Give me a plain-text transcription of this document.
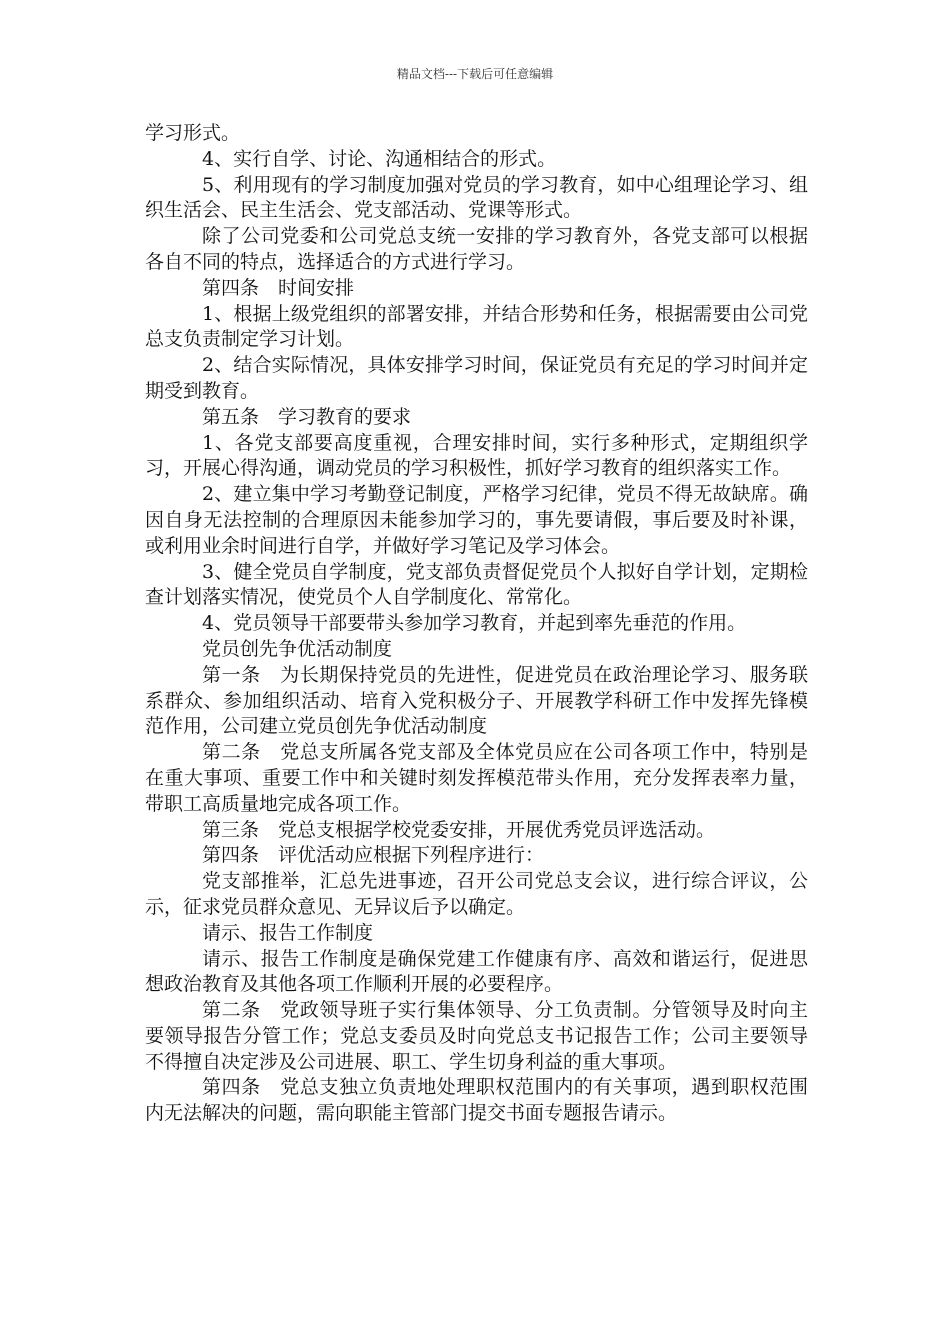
精品文档---下载后可任意编辑

学习形式。

4、实行自学、讨论、沟通相结合的形式。

5、利用现有的学习制度加强对党员的学习教育，如中心组理论学习、组织生活会、民主生活会、党支部活动、党课等形式。

除了公司党委和公司党总支统一安排的学习教育外，各党支部可以根据各自不同的特点，选择适合的方式进行学习。

第四条　时间安排

1、根据上级党组织的部署安排，并结合形势和任务，根据需要由公司党总支负责制定学习计划。

2、结合实际情况，具体安排学习时间，保证党员有充足的学习时间并定期受到教育。

第五条　学习教育的要求

1、各党支部要高度重视，合理安排时间，实行多种形式，定期组织学习，开展心得沟通，调动党员的学习积极性，抓好学习教育的组织落实工作。

2、建立集中学习考勤登记制度，严格学习纪律，党员不得无故缺席。确因自身无法控制的合理原因未能参加学习的，事先要请假，事后要及时补课，或利用业余时间进行自学，并做好学习笔记及学习体会。

3、健全党员自学制度，党支部负责督促党员个人拟好自学计划，定期检查计划落实情况，使党员个人自学制度化、常常化。

4、党员领导干部要带头参加学习教育，并起到率先垂范的作用。

党员创先争优活动制度

第一条　为长期保持党员的先进性，促进党员在政治理论学习、服务联系群众、参加组织活动、培育入党积极分子、开展教学科研工作中发挥先锋模范作用，公司建立党员创先争优活动制度

第二条　党总支所属各党支部及全体党员应在公司各项工作中，特别是在重大事项、重要工作中和关键时刻发挥模范带头作用，充分发挥表率力量，带职工高质量地完成各项工作。

第三条　党总支根据学校党委安排，开展优秀党员评选活动。

第四条　评优活动应根据下列程序进行：

党支部推举，汇总先进事迹，召开公司党总支会议，进行综合评议，公示，征求党员群众意见、无异议后予以确定。

请示、报告工作制度

请示、报告工作制度是确保党建工作健康有序、高效和谐运行，促进思想政治教育及其他各项工作顺利开展的必要程序。

第二条　党政领导班子实行集体领导、分工负责制。分管领导及时向主要领导报告分管工作；党总支委员及时向党总支书记报告工作；公司主要领导不得擅自决定涉及公司进展、职工、学生切身利益的重大事项。

第四条　党总支独立负责地处理职权范围内的有关事项，遇到职权范围内无法解决的问题，需向职能主管部门提交书面专题报告请示。
